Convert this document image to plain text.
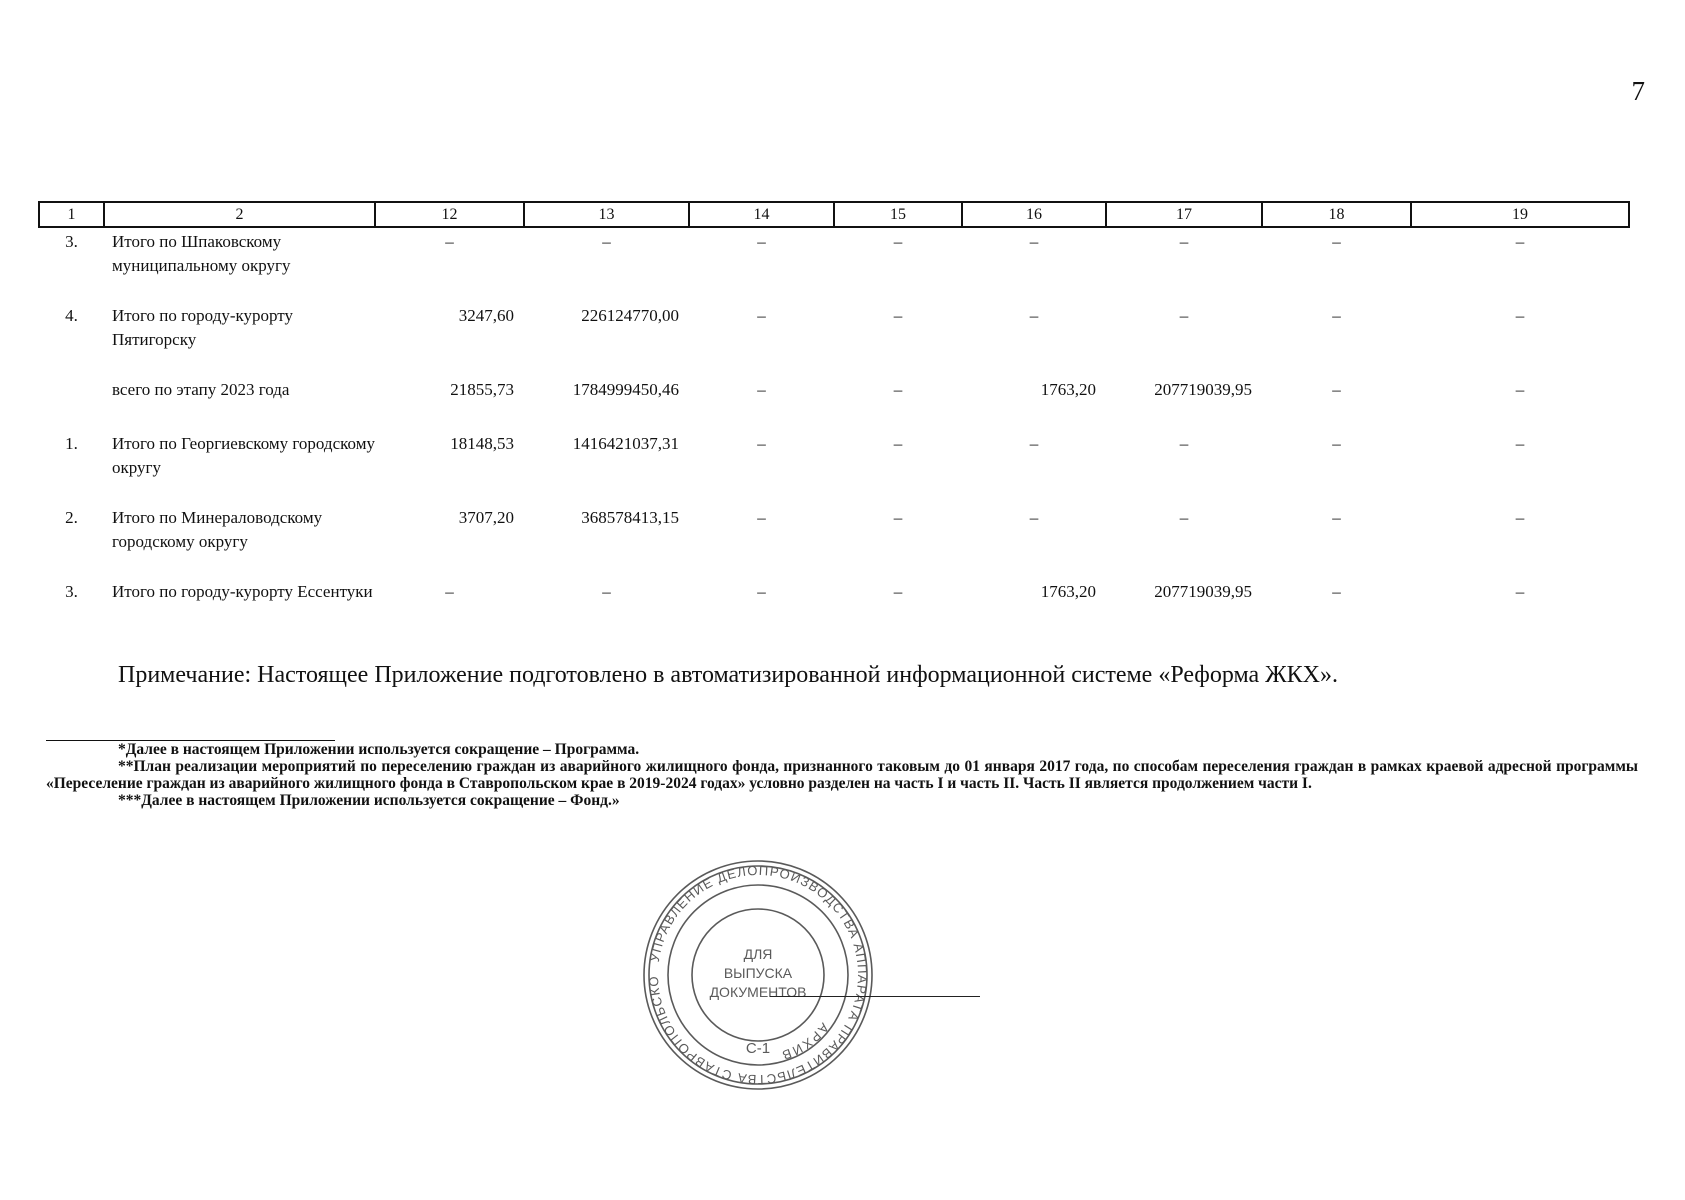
7
1	2	12	13	14	15	16	17	18	19
3.	Итого по Шпаковскому муниципальному округу	–	–	–	–	–	–	–	–
4.	Итого по городу-курорту Пятигорску	3247,60	226124770,00	–	–	–	–	–	–
	всего по этапу 2023 года	21855,73	1784999450,46	–	–	1763,20	207719039,95	–	–
1.	Итого по Георгиевскому городскому округу	18148,53	1416421037,31	–	–	–	–	–	–
2.	Итого по Минераловодскому городскому округу	3707,20	368578413,15	–	–	–	–	–	–
3.	Итого по городу-курорту Ессентуки	–	–	–	–	1763,20	207719039,95	–	–
Примечание: Настоящее Приложение подготовлено в автоматизированной информационной системе «Реформа ЖКХ».

*Далее в настоящем Приложении используется сокращение – Программа.

**План реализации мероприятий по переселению граждан из аварийного жилищного фонда, признанного таковым до 01 января 2017 года, по способам переселения граждан в рамках краевой адресной программы «Переселение граждан из аварийного жилищного фонда в Ставропольском крае в 2019-2024 годах» условно разделен на часть I и часть II. Часть II является продолжением части I.

***Далее в настоящем Приложении используется сокращение – Фонд.»

УПРАВЛЕНИЕ ДЕЛОПРОИЗВОДСТВА АППАРАТА ПРАВИТЕЛЬСТВА СТАВРОПОЛЬСКО
АРХИВ
ДЛЯ
ВЫПУСКА
ДОКУМЕНТОВ
С-1
